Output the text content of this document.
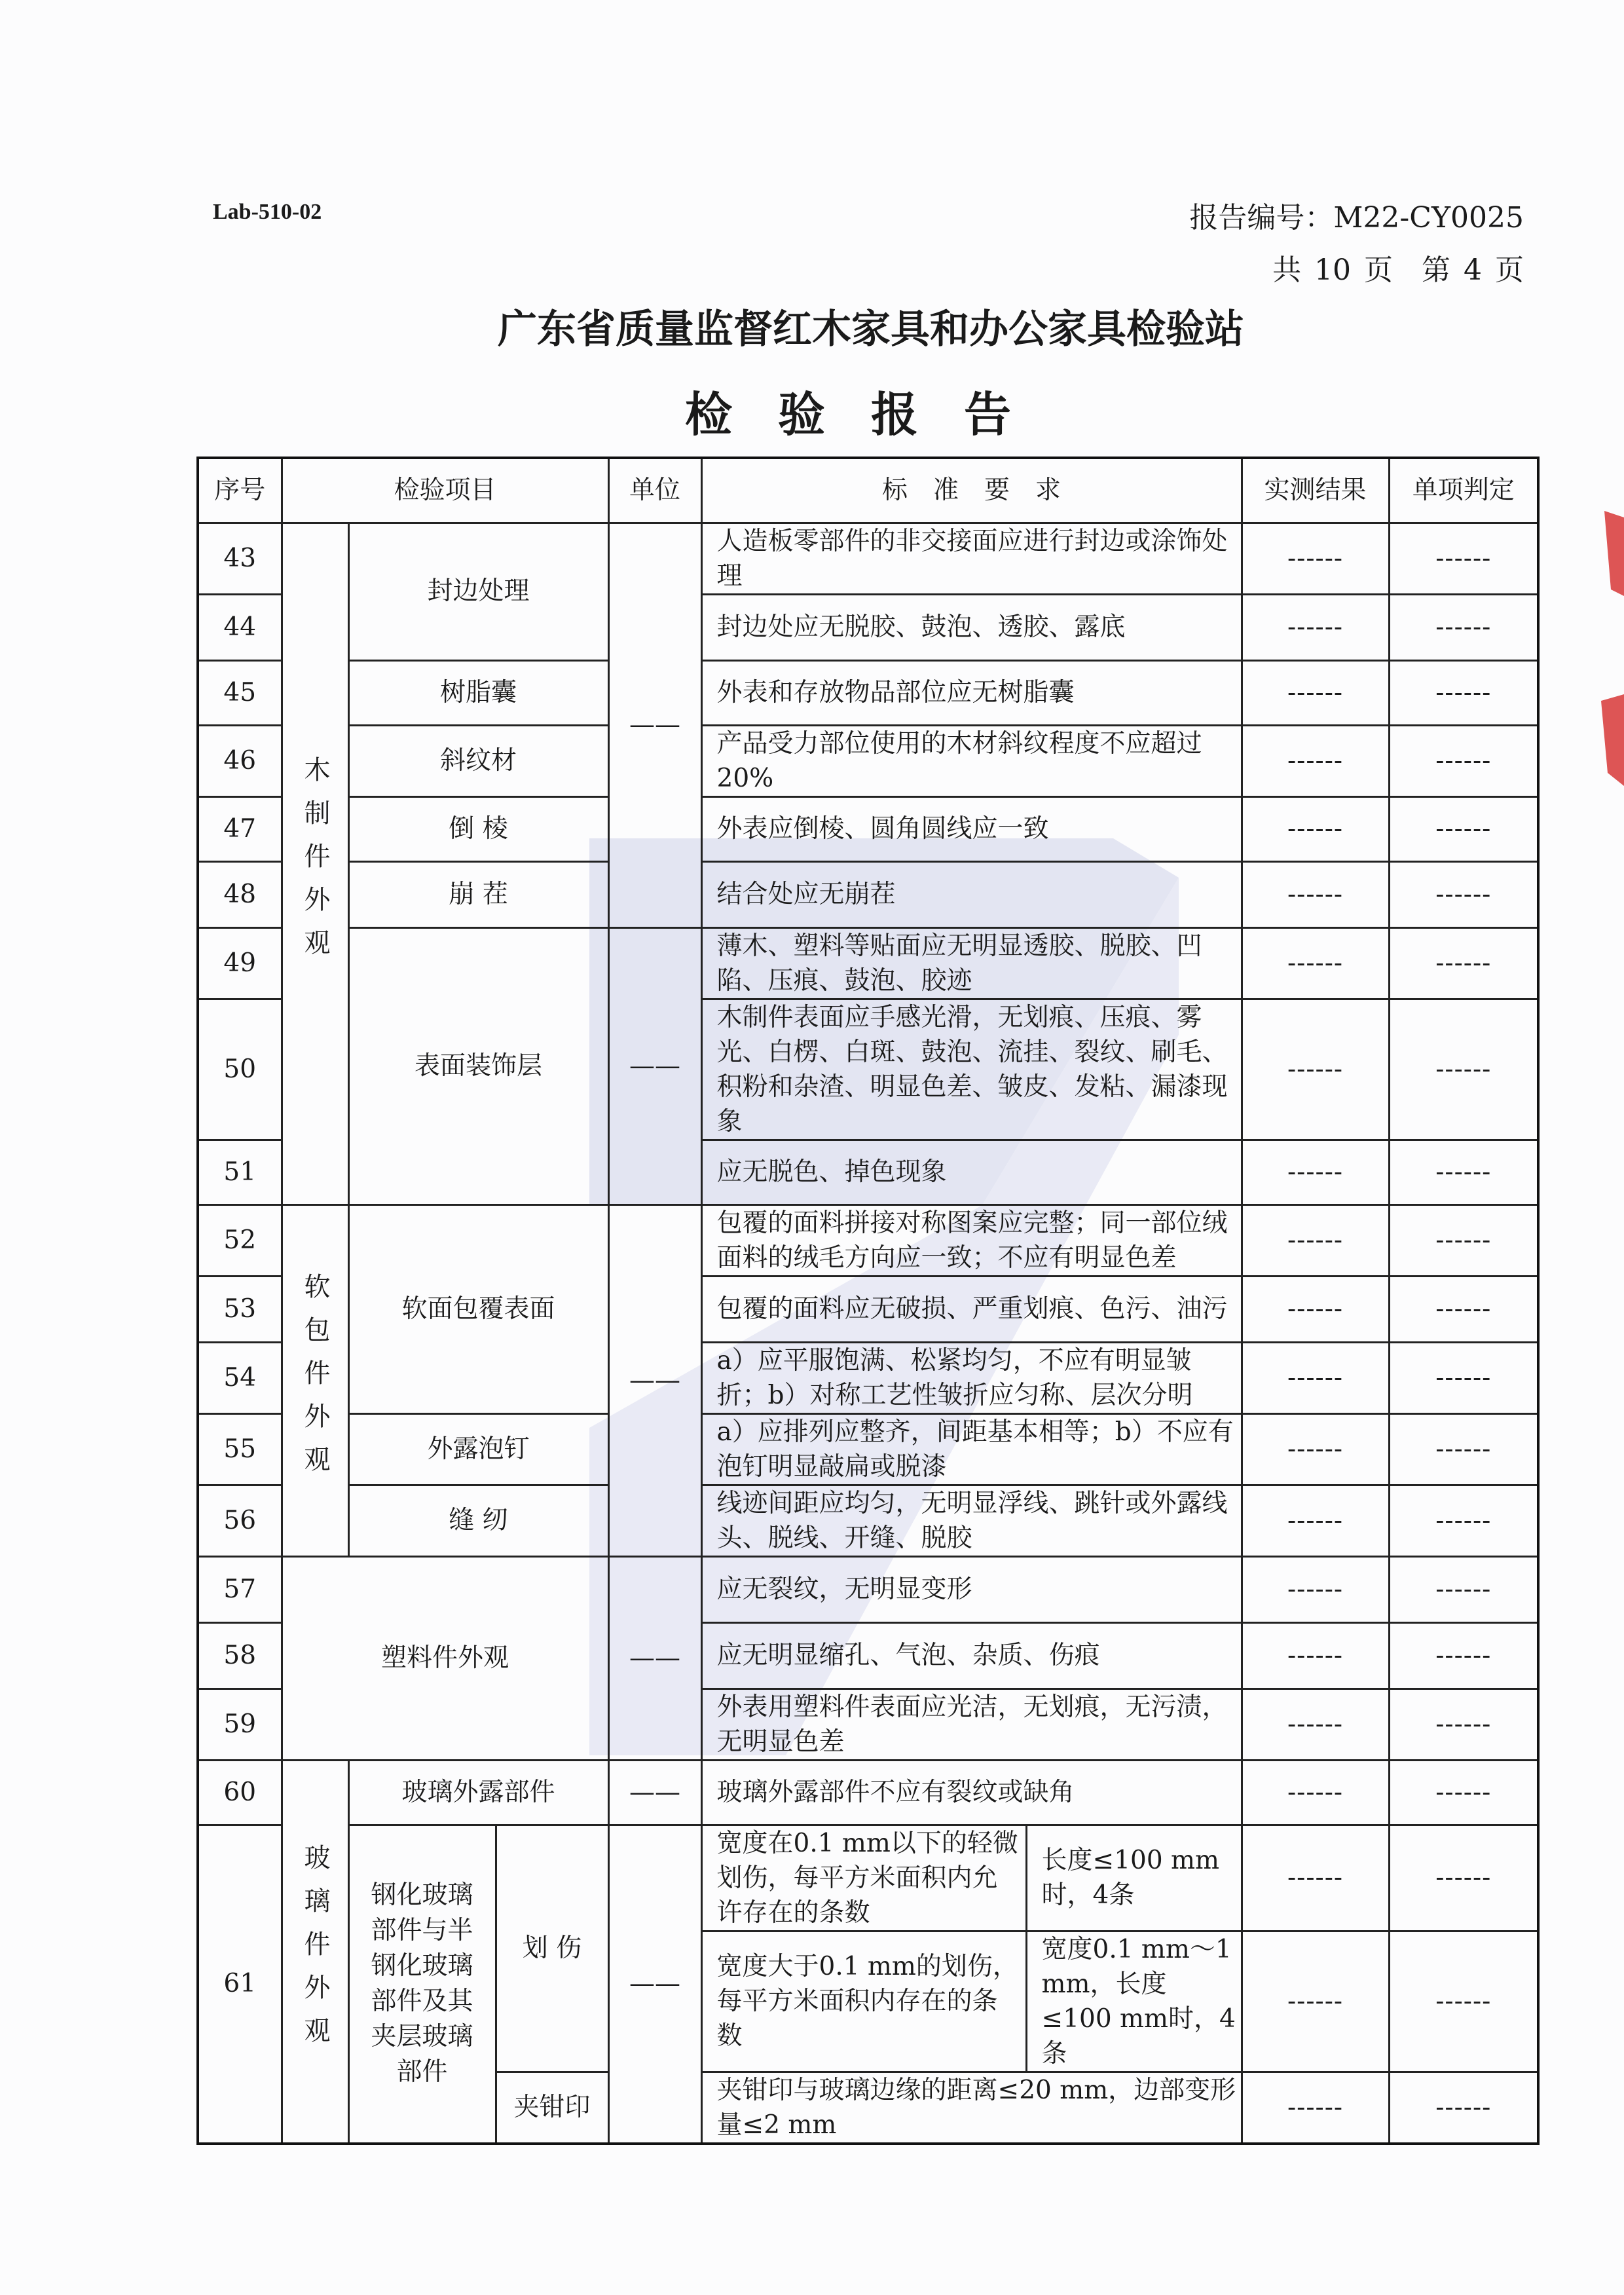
Lab-510-02	报告编号：M22-CY0025
共 10 页　第 4 页
广东省质量监督红木家具和办公家具检验站
检验报告
序号	检验项目			单位	标　准　要　求		实测结果	单项判定
43	木制件外观	封边处理		——	人造板零部件的非交接面应进行封边或涂饰处理		------	------
44					封边处应无脱胶、鼓泡、透胶、露底		------	------
45		树脂囊			外表和存放物品部位应无树脂囊		------	------
46		斜纹材			产品受力部位使用的木材斜纹程度不应超过20%		------	------
47		倒 棱			外表应倒棱、圆角圆线应一致		------	------
48		崩 茬			结合处应无崩茬		------	------
49		表面装饰层		——	薄木、塑料等贴面应无明显透胶、脱胶、凹陷、压痕、鼓泡、胶迹		------	------
50					木制件表面应手感光滑，无划痕、压痕、雾光、白楞、白斑、鼓泡、流挂、裂纹、刷毛、积粉和杂渣、明显色差、皱皮、发粘、漏漆现象		------	------
51					应无脱色、掉色现象		------	------
52	软包件外观	软面包覆表面		——	包覆的面料拼接对称图案应完整；同一部位绒面料的绒毛方向应一致；不应有明显色差		------	------
53					包覆的面料应无破损、严重划痕、色污、油污		------	------
54					a）应平服饱满、松紧均匀，不应有明显皱折；b）对称工艺性皱折应匀称、层次分明		------	------
55		外露泡钉			a）应排列应整齐，间距基本相等；b）不应有泡钉明显敲扁或脱漆		------	------
56		缝 纫			线迹间距应均匀，无明显浮线、跳针或外露线头、脱线、开缝、脱胶		------	------
57	塑料件外观			——	应无裂纹，无明显变形		------	------
58					应无明显缩孔、气泡、杂质、伤痕		------	------
59					外表用塑料件表面应光洁，无划痕，无污渍，无明显色差		------	------
60	玻璃件外观	玻璃外露部件		——	玻璃外露部件不应有裂纹或缺角		------	------
61		钢化玻璃部件与半钢化玻璃部件及其夹层玻璃部件	划 伤	——	宽度在0.1 mm以下的轻微划伤，每平方米面积内允许存在的条数	长度≤100 mm时，4条	------	------
					宽度大于0.1 mm的划伤，每平方米面积内存在的条数	宽度0.1 mm～1 mm，长度≤100 mm时，4条	------	------
			夹钳印		夹钳印与玻璃边缘的距离≤20 mm，边部变形量≤2 mm		------	------
